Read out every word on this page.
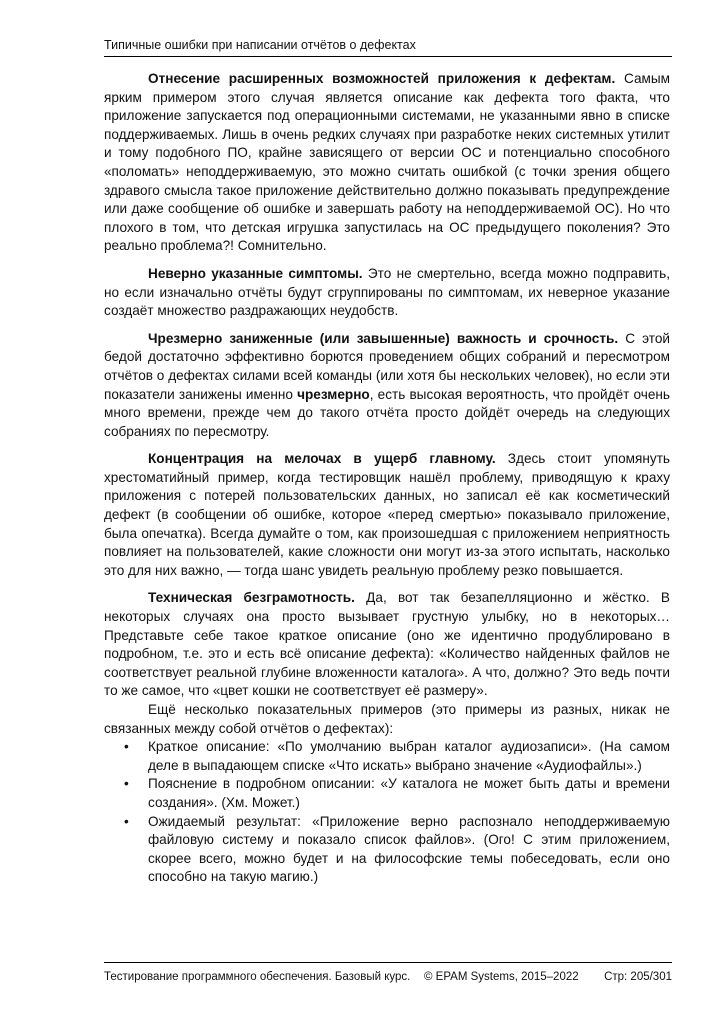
Типичные ошибки при написании отчётов о дефектах

Отнесение расширенных возможностей приложения к дефектам. Самым ярким примером этого случая является описание как дефекта того факта, что приложение запускается под операционными системами, не указанными явно в списке поддерживаемых. Лишь в очень редких случаях при разработке неких системных утилит и тому подобного ПО, крайне зависящего от версии ОС и потенциально способного «поломать» неподдерживаемую, это можно считать ошибкой (с точки зрения общего здравого смысла такое приложение действительно должно показывать предупреждение или даже сообщение об ошибке и завершать работу на неподдерживаемой ОС). Но что плохого в том, что детская игрушка запустилась на ОС предыдущего поколения? Это реально проблема?! Сомнительно.

Неверно указанные симптомы. Это не смертельно, всегда можно подправить, но если изначально отчёты будут сгруппированы по симптомам, их неверное указание создаёт множество раздражающих неудобств.

Чрезмерно заниженные (или завышенные) важность и срочность. С этой бедой достаточно эффективно борются проведением общих собраний и пересмотром отчётов о дефектах силами всей команды (или хотя бы нескольких человек), но если эти показатели занижены именно чрезмерно, есть высокая вероятность, что пройдёт очень много времени, прежде чем до такого отчёта просто дойдёт очередь на следующих собраниях по пересмотру.

Концентрация на мелочах в ущерб главному. Здесь стоит упомянуть хрестоматийный пример, когда тестировщик нашёл проблему, приводящую к краху приложения с потерей пользовательских данных, но записал её как косметический дефект (в сообщении об ошибке, которое «перед смертью» показывало приложение, была опечатка). Всегда думайте о том, как произошедшая с приложением неприятность повлияет на пользователей, какие сложности они могут из-за этого испытать, насколько это для них важно, — тогда шанс увидеть реальную проблему резко повышается.

Техническая безграмотность. Да, вот так безапелляционно и жёстко. В некоторых случаях она просто вызывает грустную улыбку, но в некоторых… Представьте себе такое краткое описание (оно же идентично продублировано в подробном, т.е. это и есть всё описание дефекта): «Количество найденных файлов не соответствует реальной глубине вложенности каталога». А что, должно? Это ведь почти то же самое, что «цвет кошки не соответствует её размеру».

Ещё несколько показательных примеров (это примеры из разных, никак не связанных между собой отчётов о дефектах):

• Краткое описание: «По умолчанию выбран каталог аудиозаписи». (На самом деле в выпадающем списке «Что искать» выбрано значение «Аудиофайлы».)
• Пояснение в подробном описании: «У каталога не может быть даты и времени создания». (Хм. Может.)
• Ожидаемый результат: «Приложение верно распознало неподдерживаемую файловую систему и показало список файлов». (Ого! С этим приложением, скорее всего, можно будет и на философские темы побеседовать, если оно способно на такую магию.)
Тестирование программного обеспечения. Базовый курс. © EPAM Systems, 2015–2022 Стр: 205/301
